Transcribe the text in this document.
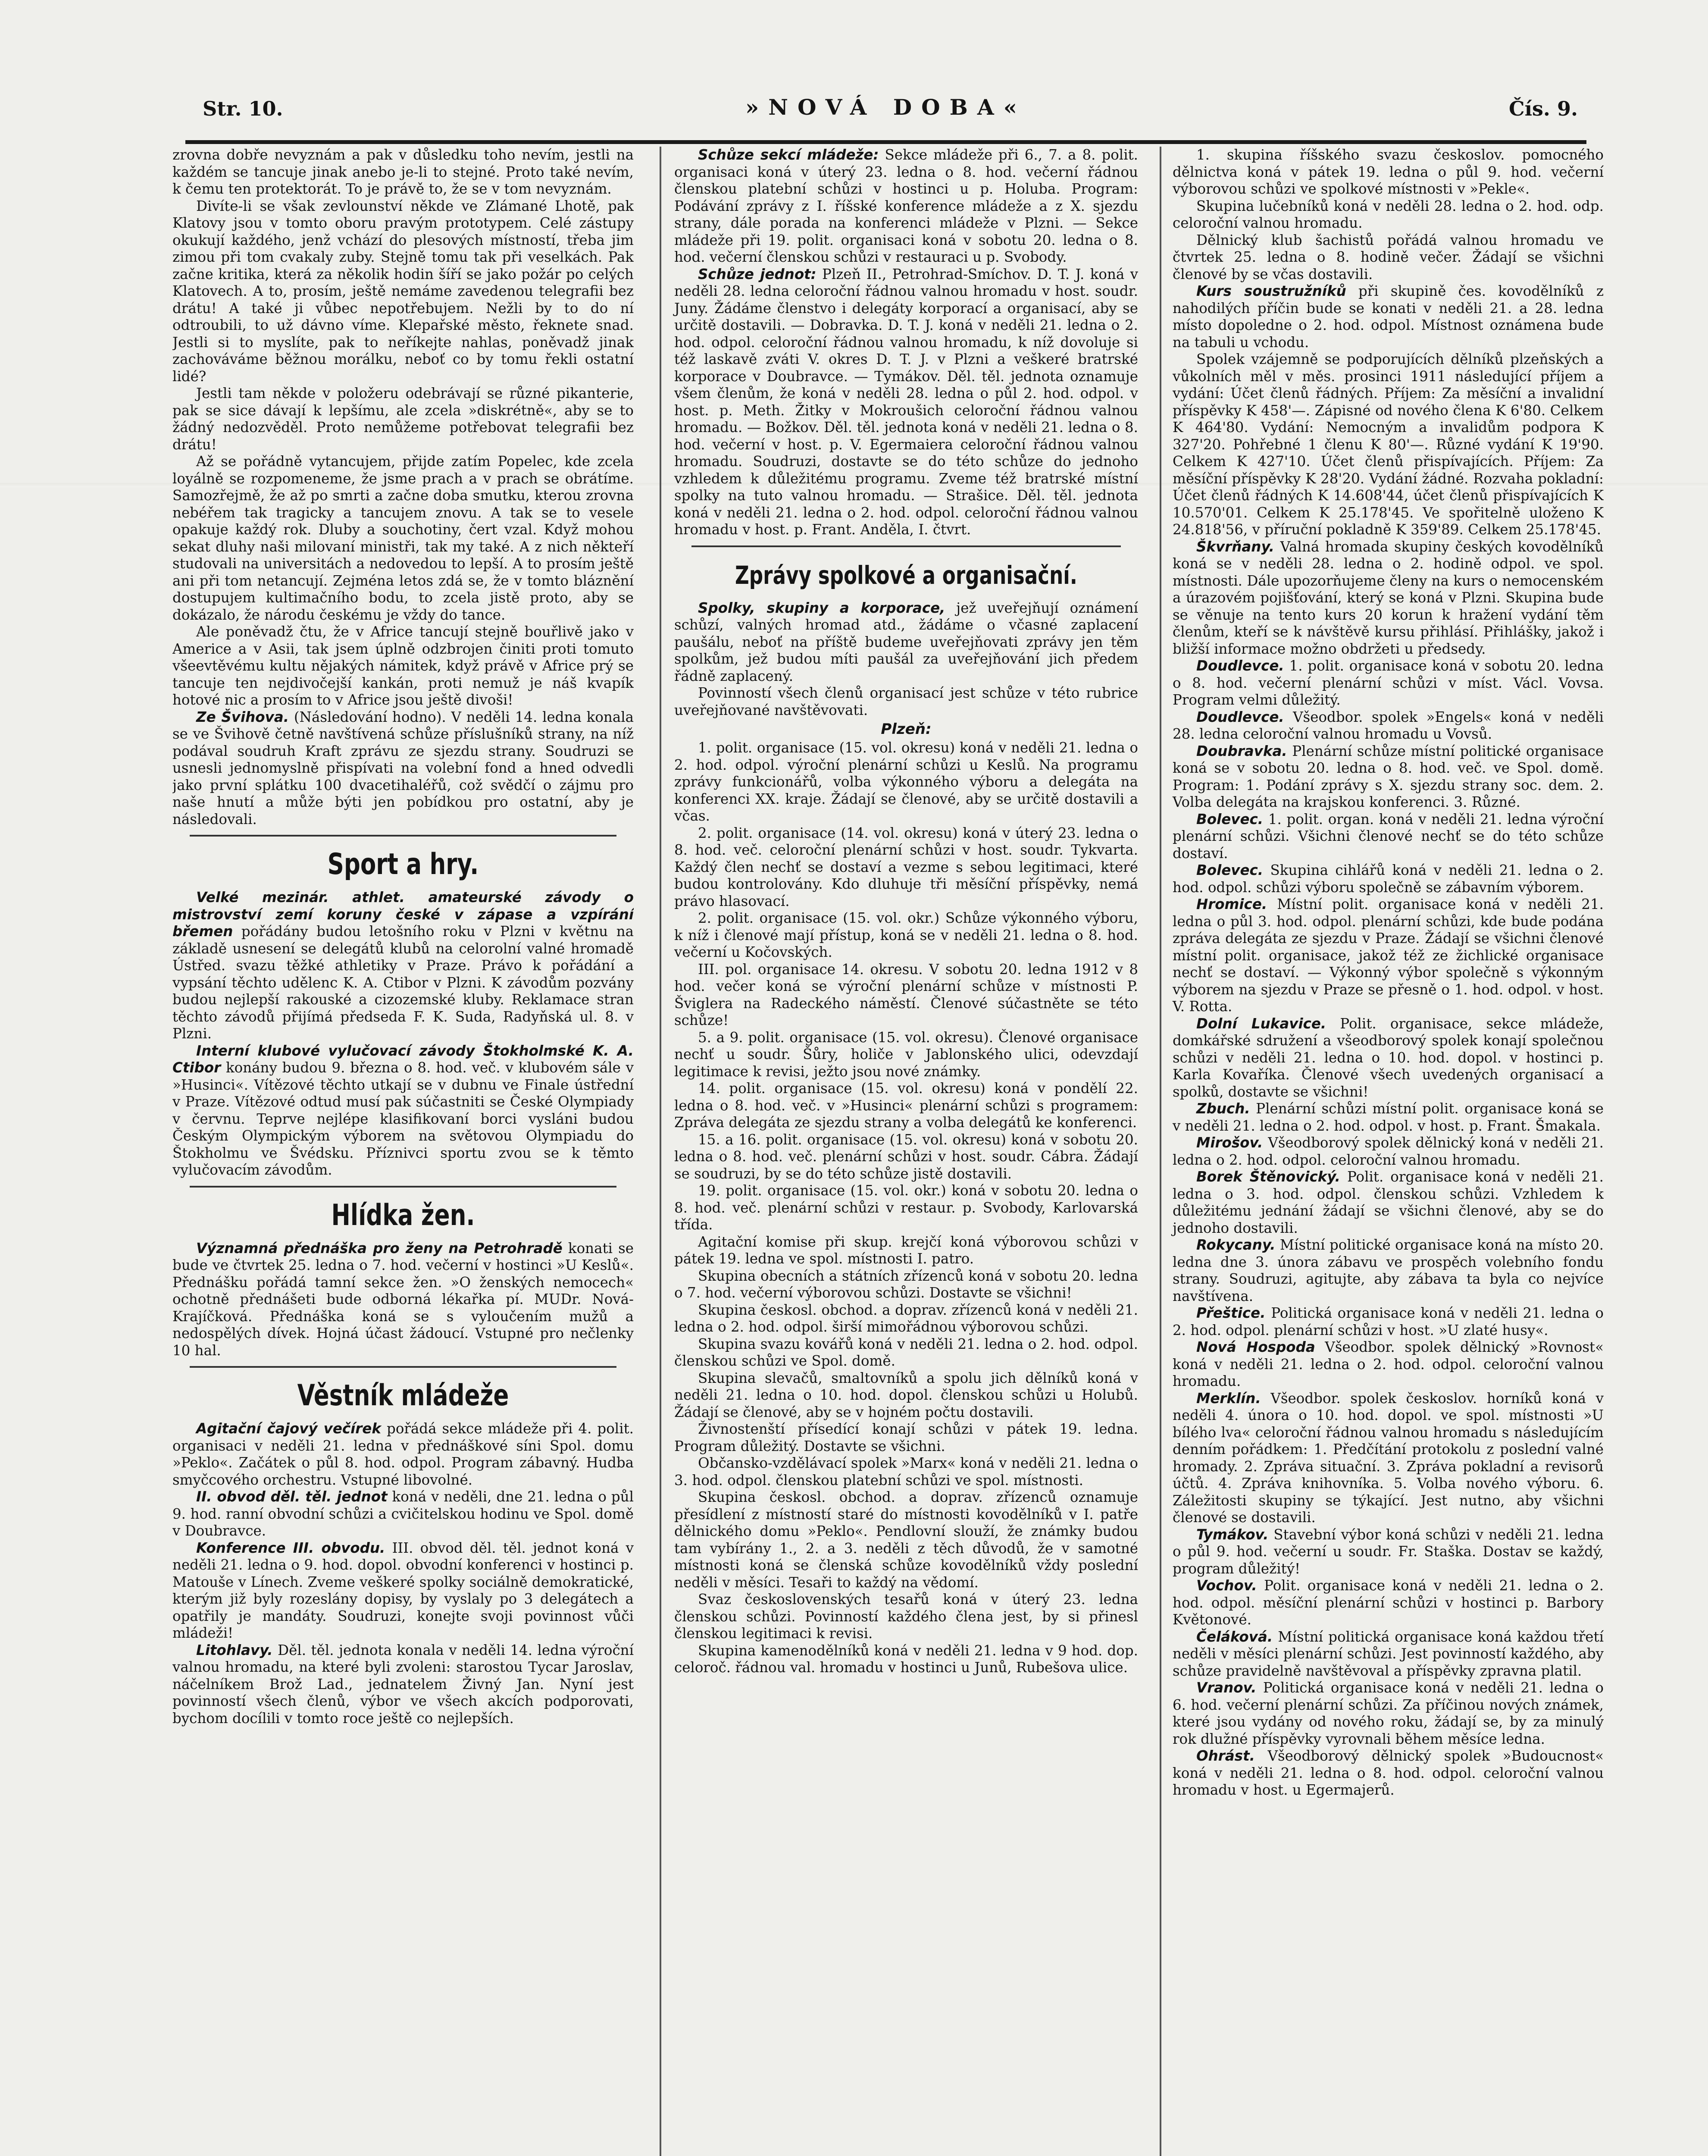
Str. 10.	»NOVÁ DOBA«	Čís. 9.

zrovna dobře nevyznám a pak v důsledku toho nevím, jestli na každém se tancuje jinak anebo je-li to stejné. Proto také nevím, k čemu ten protektorát. To je právě to, že se v tom nevyznám.

Divíte-li se však zevlounství někde ve Zlámané Lhotě, pak Klatovy jsou v tomto oboru pravým prototypem. Celé zástupy okukují každého, jenž vchází do plesových místností, třeba jim zimou při tom cvakaly zuby. Stejně tomu tak při veselkách. Pak začne kritika, která za několik hodin šíří se jako požár po celých Klatovech. A to, prosím, ještě nemáme zavedenou telegrafii bez drátu! A také ji vůbec nepotřebujem. Nežli by to do ní odtroubili, to už dávno víme. Klepařské město, řeknete snad. Jestli si to myslíte, pak to neříkejte nahlas, poněvadž jinak zachováváme běžnou morálku, neboť co by tomu řekli ostatní lidé?

Jestli tam někde v položeru odebrávají se různé pikanterie, pak se sice dávají k lepšímu, ale zcela »diskrétně«, aby se to žádný nedozvěděl. Proto nemůžeme potřebovat telegrafii bez drátu!

Až se pořádně vytancujem, přijde zatím Popelec, kde zcela loyálně se rozpomeneme, že jsme prach a v prach se obrátíme. Samozřejmě, že až po smrti a začne doba smutku, kterou zrovna nebéřem tak tragicky a tancujem znovu. A tak se to vesele opakuje každý rok. Dluby a souchotiny, čert vzal. Když mohou sekat dluhy naši milovaní ministři, tak my také. A z nich někteří studovali na universitách a nedovedou to lepší. A to prosím ještě ani při tom netancují. Zejména letos zdá se, že v tomto bláznění dostupujem kultimačního bodu, to zcela jistě proto, aby se dokázalo, že národu českému je vždy do tance.

Ale poněvadž čtu, že v Africe tancují stejně bouřlivě jako v Americe a v Asii, tak jsem úplně odzbrojen činiti proti tomuto všeevtěvému kultu nějakých námitek, když právě v Africe prý se tancuje ten nejdivočejší kankán, proti nemuž je náš kvapík hotové nic a prosím to v Africe jsou ještě divoši!

Ze Švihova. (Následování hodno). V neděli 14. ledna konala se ve Švihově četně navštívená schůze příslušníků strany, na níž podával soudruh Kraft zprávu ze sjezdu strany. Soudruzi se usnesli jednomyslně přispívati na volební fond a hned odvedli jako první splátku 100 dvacetihaléřů, což svědčí o zájmu pro naše hnutí a může býti jen pobídkou pro ostatní, aby je následovali.

Sport a hry.

Velké mezinár. athlet. amateurské závody o mistrovství zemí koruny české v zápase a vzpírání břemen pořádány budou letošního roku v Plzni v květnu na základě usnesení se delegátů klubů na celorolní valné hromadě Ústřed. svazu těžké athletiky v Praze. Právo k pořádání a vypsání těchto udělenc K. A. Ctibor v Plzni. K závodům pozvány budou nejlepší rakouské a cizozemské kluby. Reklamace stran těchto závodů přijímá předseda F. K. Suda, Radyňská ul. 8. v Plzni.

Interní klubové vylučovací závody Štokholmské K. A. Ctibor konány budou 9. března o 8. hod. več. v klubovém sále v »Husinci«. Vítězové těchto utkají se v dubnu ve Finale ústřední v Praze. Vítězové odtud musí pak súčastniti se České Olympiady v červnu. Teprve nejlépe klasifikovaní borci vysláni budou Českým Olympickým výborem na světovou Olympiadu do Štokholmu ve Švédsku. Příznivci sportu zvou se k těmto vylučovacím závodům.

Hlídka žen.

Významná přednáška pro ženy na Petrohradě konati se bude ve čtvrtek 25. ledna o 7. hod. večerní v hostinci »U Keslů«. Přednášku pořádá tamní sekce žen. »O ženských nemocech« ochotně přednášeti bude odborná lékařka pí. MUDr. Nová-Krajíčková. Přednáška koná se s vyloučením mužů a nedospělých dívek. Hojná účast žádoucí. Vstupné pro nečlenky 10 hal.

Věstník mládeže

Agitační čajový večírek pořádá sekce mládeže při 4. polit. organisaci v neděli 21. ledna v přednáškové síni Spol. domu »Peklo«. Začátek o půl 8. hod. odpol. Program zábavný. Hudba smyčcového orchestru. Vstupné libovolné.

II. obvod děl. těl. jednot koná v neděli, dne 21. ledna o půl 9. hod. ranní obvodní schůzi a cvičitelskou hodinu ve Spol. domě v Doubravce.

Konference III. obvodu. III. obvod děl. těl. jednot koná v neděli 21. ledna o 9. hod. dopol. obvodní konferenci v hostinci p. Matouše v Línech. Zveme veškeré spolky sociálně demokratické, kterým již byly rozeslány dopisy, by vyslaly po 3 delegátech a opatřily je mandáty. Soudruzi, konejte svoji povinnost vůči mládeži!

Litohlavy. Děl. těl. jednota konala v neděli 14. ledna výroční valnou hromadu, na které byli zvoleni: starostou Tycar Jaroslav, náčelníkem Brož Lad., jednatelem Živný Jan. Nyní jest povinností všech členů, výbor ve všech akcích podporovati, bychom docílili v tomto roce ještě co nejlepších.

Schůze sekcí mládeže: Sekce mládeže při 6., 7. a 8. polit. organisaci koná v úterý 23. ledna o 8. hod. večerní řádnou členskou platební schůzi v hostinci u p. Holuba. Program: Podávání zprávy z I. říšské konference mládeže a z X. sjezdu strany, dále porada na konferenci mládeže v Plzni. — Sekce mládeže při 19. polit. organisaci koná v sobotu 20. ledna o 8. hod. večerní členskou schůzi v restauraci u p. Svobody.

Schůze jednot: Plzeň II., Petrohrad-Smíchov. D. T. J. koná v neděli 28. ledna celoroční řádnou valnou hromadu v host. soudr. Juny. Žádáme členstvo i delegáty korporací a organisací, aby se určitě dostavili. — Dobravka. D. T. J. koná v neděli 21. ledna o 2. hod. odpol. celoroční řádnou valnou hromadu, k níž dovoluje si též laskavě zváti V. okres D. T. J. v Plzni a veškeré bratrské korporace v Doubravce. — Tymákov. Děl. těl. jednota oznamuje všem členům, že koná v neděli 28. ledna o půl 2. hod. odpol. v host. p. Meth. Žitky v Mokroušich celoroční řádnou valnou hromadu. — Božkov. Děl. těl. jednota koná v neděli 21. ledna o 8. hod. večerní v host. p. V. Egermaiera celoroční řádnou valnou hromadu. Soudruzi, dostavte se do této schůze do jednoho vzhledem k důležitému programu. Zveme též bratrské místní spolky na tuto valnou hromadu. — Strašice. Děl. těl. jednota koná v neděli 21. ledna o 2. hod. odpol. celoroční řádnou valnou hromadu v host. p. Frant. Anděla, I. čtvrt.

Zprávy spolkové a organisační.

Spolky, skupiny a korporace, jež uveřejňují oznámení schůzí, valných hromad atd., žádáme o včasné zaplacení paušálu, neboť na příště budeme uveřejňovati zprávy jen těm spolkům, jež budou míti paušál za uveřejňování jich předem řádně zaplacený.

Povinností všech členů organisací jest schůze v této rubrice uveřejňované navštěvovati.

Plzeň:

1. polit. organisace (15. vol. okresu) koná v neděli 21. ledna o 2. hod. odpol. výroční plenární schůzi u Keslů. Na programu zprávy funkcionářů, volba výkonného výboru a delegáta na konferenci XX. kraje. Žádají se členové, aby se určitě dostavili a včas.

2. polit. organisace (14. vol. okresu) koná v úterý 23. ledna o 8. hod. več. celoroční plenární schůzi v host. soudr. Tykvarta. Každý člen nechť se dostaví a vezme s sebou legitimaci, které budou kontrolovány. Kdo dluhuje tři měsíční příspěvky, nemá právo hlasovací.

2. polit. organisace (15. vol. okr.) Schůze výkonného výboru, k níž i členové mají přístup, koná se v neděli 21. ledna o 8. hod. večerní u Kočovských.

III. pol. organisace 14. okresu. V sobotu 20. ledna 1912 v 8 hod. večer koná se výroční plenární schůze v místnosti P. Šviglera na Radeckého náměstí. Členové súčastněte se této schůze!

5. a 9. polit. organisace (15. vol. okresu). Členové organisace nechť u soudr. Šůry, holiče v Jablonského ulici, odevzdají legitimace k revisi, ježto jsou nové známky.

14. polit. organisace (15. vol. okresu) koná v pondělí 22. ledna o 8. hod. več. v »Husinci« plenární schůzi s programem: Zpráva delegáta ze sjezdu strany a volba delegátů ke konferenci.

15. a 16. polit. organisace (15. vol. okresu) koná v sobotu 20. ledna o 8. hod. več. plenární schůzi v host. soudr. Cábra. Žádají se soudruzi, by se do této schůze jistě dostavili.

19. polit. organisace (15. vol. okr.) koná v sobotu 20. ledna o 8. hod. več. plenární schůzi v restaur. p. Svobody, Karlovarská třída.

Agitační komise při skup. krejčí koná výborovou schůzi v pátek 19. ledna ve spol. místnosti I. patro.

Skupina obecních a státních zřízenců koná v sobotu 20. ledna o 7. hod. večerní výborovou schůzi. Dostavte se všichni!

Skupina českosl. obchod. a doprav. zřízenců koná v neděli 21. ledna o 2. hod. odpol. širší mimořádnou výborovou schůzi.

Skupina svazu kovářů koná v neděli 21. ledna o 2. hod. odpol. členskou schůzi ve Spol. domě.

Skupina slevačů, smaltovníků a spolu jich dělníků koná v neděli 21. ledna o 10. hod. dopol. členskou schůzi u Holubů. Žádají se členové, aby se v hojném počtu dostavili.

Živnostenští přísedící konají schůzi v pátek 19. ledna. Program důležitý. Dostavte se všichni.

Občansko-vzdělávací spolek »Marx« koná v neděli 21. ledna o 3. hod. odpol. členskou platební schůzi ve spol. místnosti.

Skupina českosl. obchod. a doprav. zřízenců oznamuje přesídlení z místností staré do místnosti kovodělníků v I. patře dělnického domu »Peklo«. Pendlovní slouží, že známky budou tam vybírány 1., 2. a 3. neděli z těch důvodů, že v samotné místnosti koná se členská schůze kovodělníků vždy poslední neděli v měsíci. Tesaři to každý na vědomí.

Svaz československých tesařů koná v úterý 23. ledna členskou schůzi. Povinností každého člena jest, by si přinesl členskou legitimaci k revisi.

Skupina kamenodělníků koná v neděli 21. ledna v 9 hod. dop. celoroč. řádnou val. hromadu v hostinci u Junů, Rubešova ulice.

1. skupina říšského svazu českoslov. pomocného dělnictva koná v pátek 19. ledna o půl 9. hod. večerní výborovou schůzi ve spolkové místnosti v »Pekle«.

Skupina lučebníků koná v neděli 28. ledna o 2. hod. odp. celoroční valnou hromadu.

Dělnický klub šachistů pořádá valnou hromadu ve čtvrtek 25. ledna o 8. hodině večer. Žádají se všichni členové by se včas dostavili.

Kurs soustružníků při skupině čes. kovodělníků z nahodilých příčin bude se konati v neděli 21. a 28. ledna místo dopoledne o 2. hod. odpol. Místnost oznámena bude na tabuli u vchodu.

Spolek vzájemně se podporujících dělníků plzeňských a vůkolních měl v měs. prosinci 1911 následující příjem a vydání: Účet členů řádných. Příjem: Za měsíční a invalidní příspěvky K 458'—. Zápisné od nového člena K 6'80. Celkem K 464'80. Vydání: Nemocným a invalidům podpora K 327'20. Pohřebné 1 členu K 80'—. Různé vydání K 19'90. Celkem K 427'10. Účet členů přispívajících. Příjem: Za měsíční příspěvky K 28'20. Vydání žádné. Rozvaha pokladní: Účet členů řádných K 14.608'44, účet členů přispívajících K 10.570'01. Celkem K 25.178'45. Ve spořitelně uloženo K 24.818'56, v příruční pokladně K 359'89. Celkem 25.178'45.

Škvrňany. Valná hromada skupiny českých kovodělníků koná se v neděli 28. ledna o 2. hodině odpol. ve spol. místnosti. Dále upozorňujeme členy na kurs o nemocenském a úrazovém pojišťování, který se koná v Plzni. Skupina bude se věnuje na tento kurs 20 korun k hražení vydání těm členům, kteří se k návštěvě kursu přihlásí. Přihlášky, jakož i bližší informace možno obdržeti u předsedy.

Doudlevce. 1. polit. organisace koná v sobotu 20. ledna o 8. hod. večerní plenární schůzi v míst. Václ. Vovsa. Program velmi důležitý.

Doudlevce. Všeodbor. spolek »Engels« koná v neděli 28. ledna celoroční valnou hromadu u Vovsů.

Doubravka. Plenární schůze místní politické organisace koná se v sobotu 20. ledna o 8. hod. več. ve Spol. domě. Program: 1. Podání zprávy s X. sjezdu strany soc. dem. 2. Volba delegáta na krajskou konferenci. 3. Různé.

Bolevec. 1. polit. organ. koná v neděli 21. ledna výroční plenární schůzi. Všichni členové nechť se do této schůze dostaví.

Bolevec. Skupina cihlářů koná v neděli 21. ledna o 2. hod. odpol. schůzi výboru společně se zábavním výborem.

Hromice. Místní polit. organisace koná v neděli 21. ledna o půl 3. hod. odpol. plenární schůzi, kde bude podána zpráva delegáta ze sjezdu v Praze. Žádají se všichni členové místní polit. organisace, jakož též ze žichlické organisace nechť se dostaví. — Výkonný výbor společně s výkonným výborem na sjezdu v Praze se přesně o 1. hod. odpol. v host. V. Rotta.

Dolní Lukavice. Polit. organisace, sekce mládeže, domkářské sdružení a všeodborový spolek konají společnou schůzi v neděli 21. ledna o 10. hod. dopol. v hostinci p. Karla Kovaříka. Členové všech uvedených organisací a spolků, dostavte se všichni!

Zbuch. Plenární schůzi místní polit. organisace koná se v neděli 21. ledna o 2. hod. odpol. v host. p. Frant. Šmakala.

Mirošov. Všeodborový spolek dělnický koná v neděli 21. ledna o 2. hod. odpol. celoroční valnou hromadu.

Borek Štěnovický. Polit. organisace koná v neděli 21. ledna o 3. hod. odpol. členskou schůzi. Vzhledem k důležitému jednání žádají se všichni členové, aby se do jednoho dostavili.

Rokycany. Místní politické organisace koná na místo 20. ledna dne 3. února zábavu ve prospěch volebního fondu strany. Soudruzi, agitujte, aby zábava ta byla co nejvíce navštívena.

Přeštice. Politická organisace koná v neděli 21. ledna o 2. hod. odpol. plenární schůzi v host. »U zlaté husy«.

Nová Hospoda Všeodbor. spolek dělnický »Rovnost« koná v neděli 21. ledna o 2. hod. odpol. celoroční valnou hromadu.

Merklín. Všeodbor. spolek českoslov. horníků koná v neděli 4. února o 10. hod. dopol. ve spol. místnosti »U bílého lva« celoroční řádnou valnou hromadu s následujícím denním pořádkem: 1. Předčítání protokolu z poslední valné hromady. 2. Zpráva situační. 3. Zpráva pokladní a revisorů účtů. 4. Zpráva knihovníka. 5. Volba nového výboru. 6. Záležitosti skupiny se týkající. Jest nutno, aby všichni členové se dostavili.

Tymákov. Stavební výbor koná schůzi v neděli 21. ledna o půl 9. hod. večerní u soudr. Fr. Staška. Dostav se každý, program důležitý!

Vochov. Polit. organisace koná v neděli 21. ledna o 2. hod. odpol. měsíční plenární schůzi v hostinci p. Barbory Květonové.

Čeláková. Místní politická organisace koná každou třetí neděli v měsíci plenární schůzi. Jest povinností každého, aby schůze pravidelně navštěvoval a příspěvky zpravna platil.

Vranov. Politická organisace koná v neděli 21. ledna o 6. hod. večerní plenární schůzi. Za příčinou nových známek, které jsou vydány od nového roku, žádají se, by za minulý rok dlužné příspěvky vyrovnali během měsíce ledna.

Ohrást. Všeodborový dělnický spolek »Budoucnost« koná v neděli 21. ledna o 8. hod. odpol. celoroční valnou hromadu v host. u Egermajerů.
